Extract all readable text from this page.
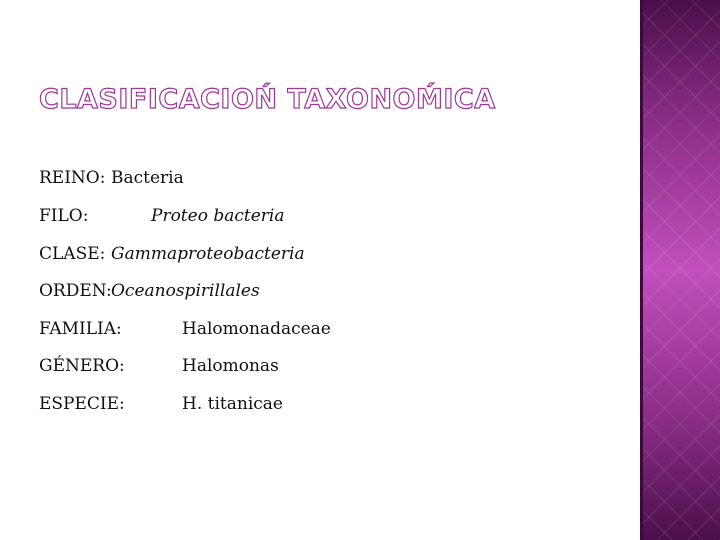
CLASIFICACIOŃ TAXONOḾICA
REINO: Bacteria
FILO:	Proteo bacteria
CLASE: Gammaproteobacteria
ORDEN: Oceanospirillales
FAMILIA:	Halomonadaceae
GÉNERO:	Halomonas
ESPECIE:	H. titanicae
